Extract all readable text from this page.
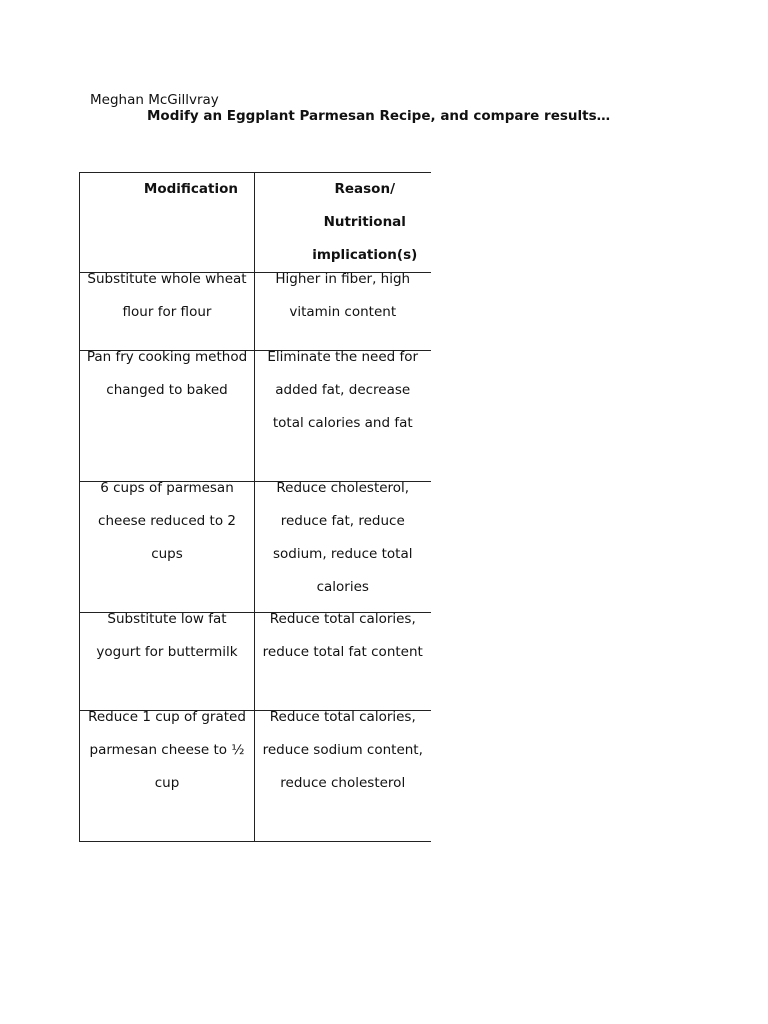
Meghan McGillvray
Modify an Eggplant Parmesan Recipe, and compare results…
Modification	Reason/ Nutritional implication(s)

Substitute whole wheat flour for flour	Higher in fiber, high vitamin content

Pan fry cooking method changed to baked	Eliminate the need for added fat, decrease total calories and fat

6 cups of parmesan cheese reduced to 2 cups	Reduce cholesterol, reduce fat, reduce sodium, reduce total calories

Substitute low fat yogurt for buttermilk	Reduce total calories, reduce total fat content

Reduce 1 cup of grated parmesan cheese to ½ cup	Reduce total calories, reduce sodium content, reduce cholesterol
